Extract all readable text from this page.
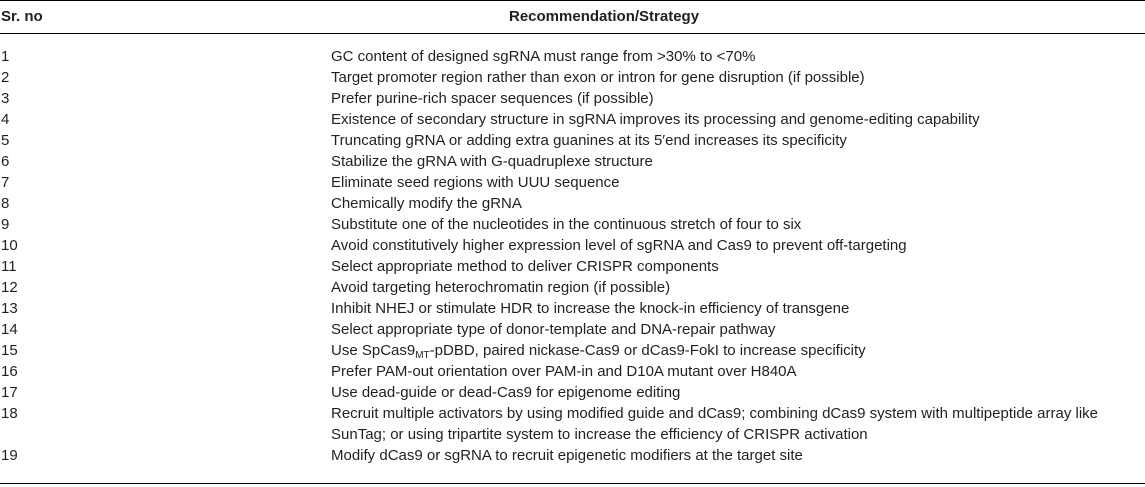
Sr. no	Recommendation/Strategy
1	GC content of designed sgRNA must range from >30% to <70%
2	Target promoter region rather than exon or intron for gene disruption (if possible)
3	Prefer purine-rich spacer sequences (if possible)
4	Existence of secondary structure in sgRNA improves its processing and genome-editing capability
5	Truncating gRNA or adding extra guanines at its 5′end increases its specificity
6	Stabilize the gRNA with G-quadruplexe structure
7	Eliminate seed regions with UUU sequence
8	Chemically modify the gRNA
9	Substitute one of the nucleotides in the continuous stretch of four to six
10	Avoid constitutively higher expression level of sgRNA and Cas9 to prevent off-targeting
11	Select appropriate method to deliver CRISPR components
12	Avoid targeting heterochromatin region (if possible)
13	Inhibit NHEJ or stimulate HDR to increase the knock-in efficiency of transgene
14	Select appropriate type of donor-template and DNA-repair pathway
15	Use $SpCas9_{MT}$-pDBD, paired nickase-Cas9 or dCas9-FokI to increase specificity
16	Prefer PAM-out orientation over PAM-in and D10A mutant over H840A
17	Use dead-guide or dead-Cas9 for epigenome editing
18	Recruit multiple activators by using modified guide and dCas9; combining dCas9 system with multipeptide array like SunTag; or using tripartite system to increase the efficiency of CRISPR activation
19	Modify dCas9 or sgRNA to recruit epigenetic modifiers at the target site
